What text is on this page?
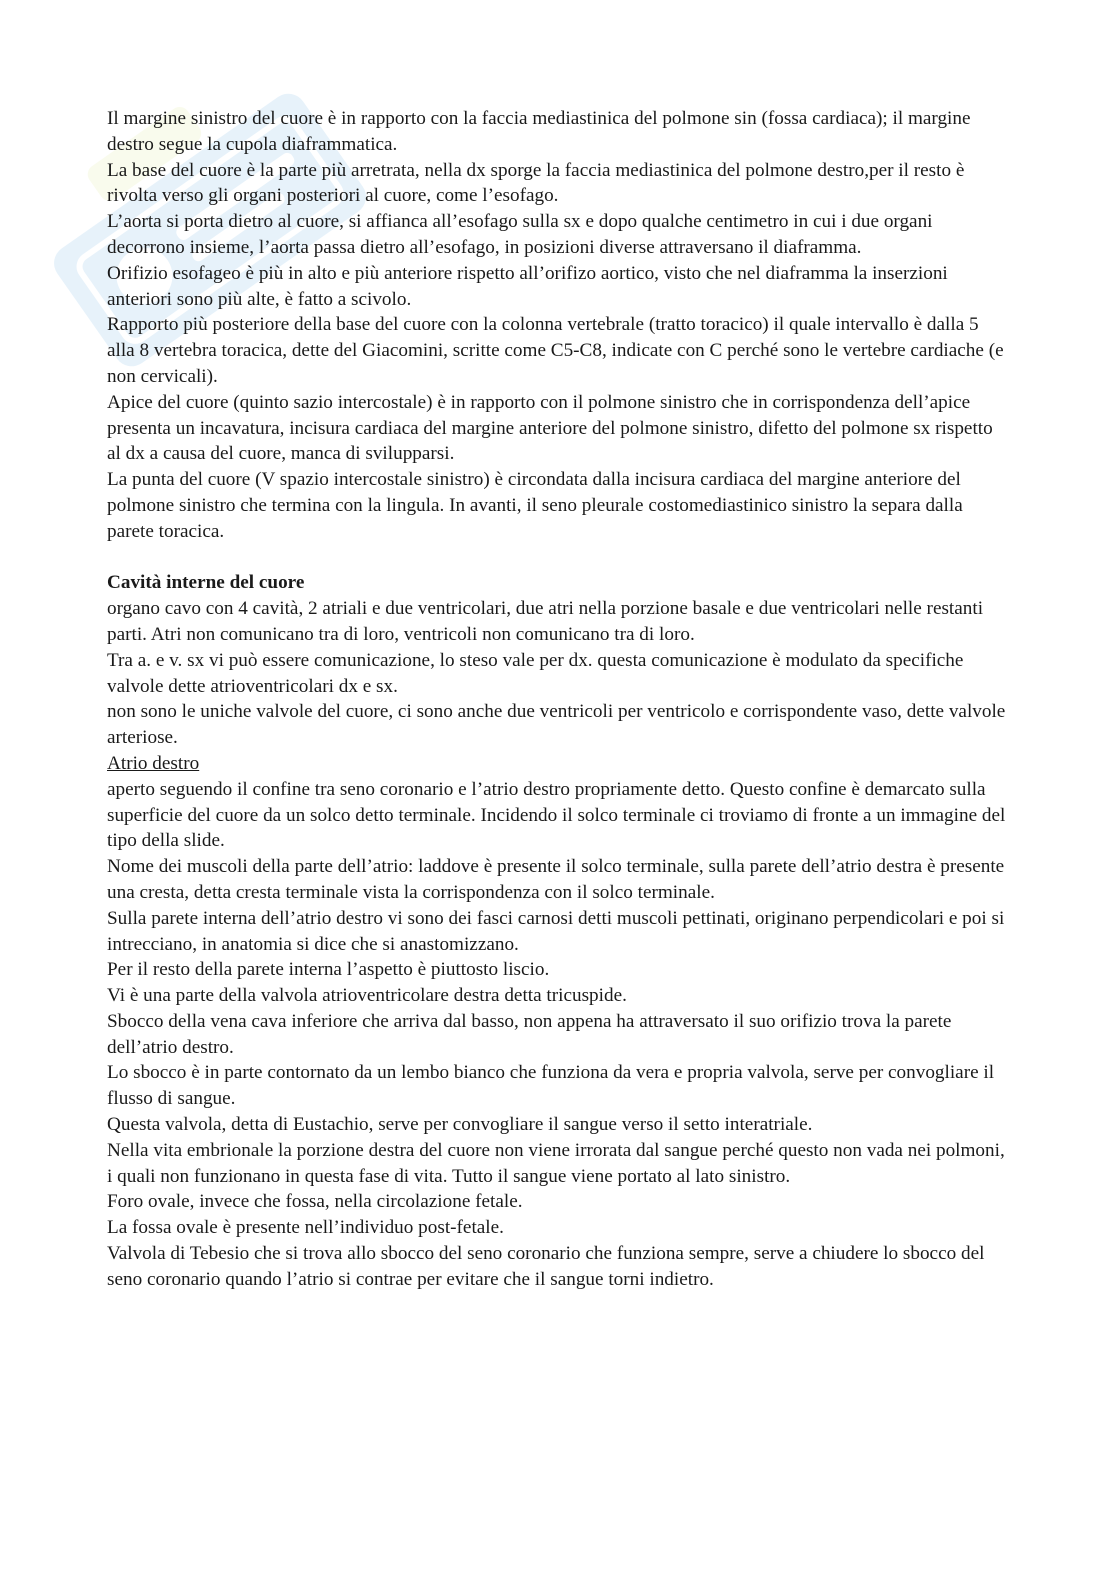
Il margine sinistro del cuore è in rapporto con la faccia mediastinica del polmone sin (fossa cardiaca); il margine destro segue la cupola diaframmatica.

La base del cuore è la parte più arretrata, nella dx sporge la faccia mediastinica del polmone destro,per il resto è rivolta verso gli organi posteriori al cuore, come l’esofago.

L’aorta si porta dietro al cuore, si affianca all’esofago sulla sx e dopo qualche centimetro in cui i due organi decorrono insieme, l’aorta passa dietro all’esofago, in posizioni diverse attraversano il diaframma.

Orifizio esofageo è più in alto e più anteriore rispetto all’orifizo aortico, visto che nel diaframma la inserzioni anteriori sono più alte, è fatto a scivolo.

Rapporto più posteriore della base del cuore con la colonna vertebrale (tratto toracico) il quale intervallo è dalla 5 alla 8 vertebra toracica, dette del Giacomini, scritte come C5-C8, indicate con C perché sono le vertebre cardiache (e non cervicali).

Apice del cuore (quinto sazio intercostale) è in rapporto con il polmone sinistro che in corrispondenza dell’apice presenta un incavatura, incisura cardiaca del margine anteriore del polmone sinistro, difetto del polmone sx rispetto al dx a causa del cuore, manca di svilupparsi.

La punta del cuore (V spazio intercostale sinistro) è circondata dalla incisura cardiaca del margine anteriore del polmone sinistro che termina con la lingula. In avanti, il seno pleurale costomediastinico sinistro la separa dalla parete toracica.

Cavità interne del cuore

organo cavo con 4 cavità, 2 atriali e due ventricolari, due atri nella porzione basale e due ventricolari nelle restanti parti. Atri non comunicano tra di loro, ventricoli non comunicano tra di loro.

Tra a. e v. sx vi può essere comunicazione, lo steso vale per dx. questa comunicazione è modulato da specifiche valvole dette atrioventricolari dx e sx.

non sono le uniche valvole del cuore, ci sono anche due ventricoli per ventricolo e corrispondente vaso, dette valvole arteriose.

Atrio destro

aperto seguendo il confine tra seno coronario e l’atrio destro propriamente detto. Questo confine è demarcato sulla superficie del cuore da un solco detto terminale. Incidendo il solco terminale ci troviamo di fronte a un immagine del tipo della slide.

Nome dei muscoli della parte dell’atrio: laddove è presente il solco terminale, sulla parete dell’atrio destra è presente una cresta, detta cresta terminale vista la corrispondenza con il solco terminale.

Sulla parete interna dell’atrio destro vi sono dei fasci carnosi detti muscoli pettinati, originano perpendicolari e poi si intrecciano, in anatomia si dice che si anastomizzano.

Per il resto della parete interna l’aspetto è piuttosto liscio.

Vi è una parte della valvola atrioventricolare destra detta tricuspide.

Sbocco della vena cava inferiore che arriva dal basso, non appena ha attraversato il suo orifizio trova la parete dell’atrio destro.

Lo sbocco è in parte contornato da un lembo bianco che funziona da vera e propria valvola, serve per convogliare il flusso di sangue.

Questa valvola, detta di Eustachio, serve per convogliare il sangue verso il setto interatriale.

Nella vita embrionale la porzione destra del cuore non viene irrorata dal sangue perché questo non vada nei polmoni, i quali non funzionano in questa fase di vita. Tutto il sangue viene portato al lato sinistro.

Foro ovale, invece che fossa, nella circolazione fetale.

La fossa ovale è presente nell’individuo post-fetale.

Valvola di Tebesio che si trova allo sbocco del seno coronario che funziona sempre, serve a chiudere lo sbocco del seno coronario quando l’atrio si contrae per evitare che il sangue torni indietro.
